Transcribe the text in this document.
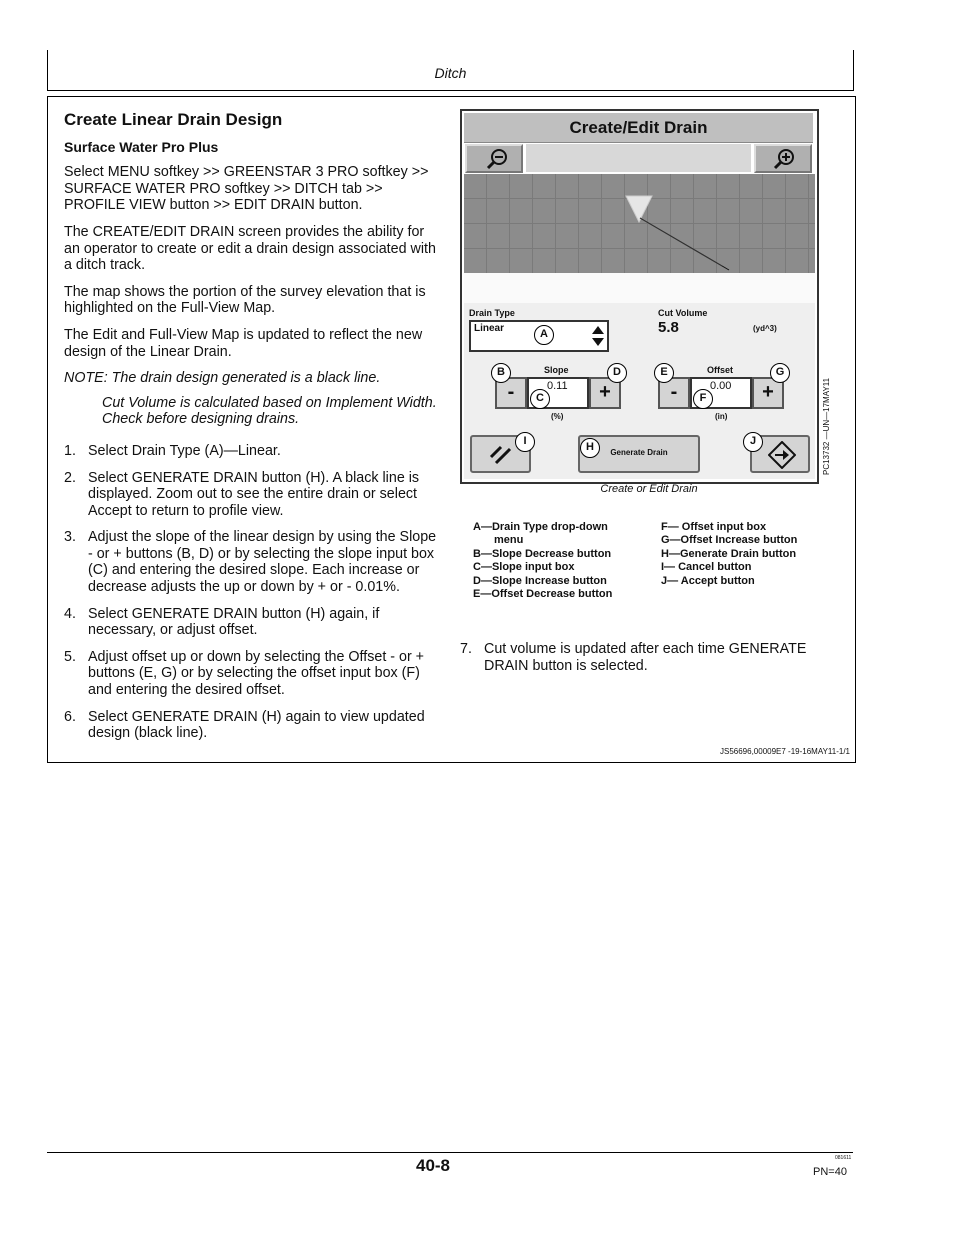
Ditch
Create Linear Drain Design
Surface Water Pro Plus

Select MENU softkey >> GREENSTAR 3 PRO softkey >> SURFACE WATER PRO softkey >> DITCH tab >> PROFILE VIEW button >> EDIT DRAIN button.

The CREATE/EDIT DRAIN screen provides the ability for an operator to create or edit a drain design associated with a ditch track.

The map shows the portion of the survey elevation that is highlighted on the Full-View Map.

The Edit and Full-View Map is updated to reflect the new design of the Linear Drain.

NOTE: The drain design generated is a black line.

Cut Volume is calculated based on Implement Width. Check before designing drains.

1. Select Drain Type (A)—Linear.
2. Select GENERATE DRAIN button (H). A black line is displayed. Zoom out to see the entire drain or select Accept to return to profile view.
3. Adjust the slope of the linear design by using the Slope - or + buttons (B, D) or by selecting the slope input box (C) and entering the desired slope. Each increase or decrease adjusts the up or down by + or - 0.01%.
4. Select GENERATE DRAIN button (H) again, if necessary, or adjust offset.
5. Adjust offset up or down by selecting the Offset - or + buttons (E, G) or by selecting the offset input box (F) and entering the desired offset.
6. Select GENERATE DRAIN (H) again to view updated design (black line).
Create/Edit Drain
Drain Type
Linear
Cut Volume
5.8	(yd^3)
Slope
-	0.11	+
(%)
Offset
-	0.00	+
(in)
Generate Drain
A
B
C
D	E
F
G
H
I	J	PC13732 —UN—17MAY11
Create or Edit Drain
A—Drain Type drop-down
menu
B—Slope Decrease button
C—Slope input box
D—Slope Increase button
E—Offset Decrease button
F— Offset input box
G—Offset Increase button
H—Generate Drain button
I— Cancel button
J— Accept button
7. Cut volume is updated after each time GENERATE DRAIN button is selected.
JS56696,00009E7 -19-16MAY11-1/1
40-8	081611
PN=40
